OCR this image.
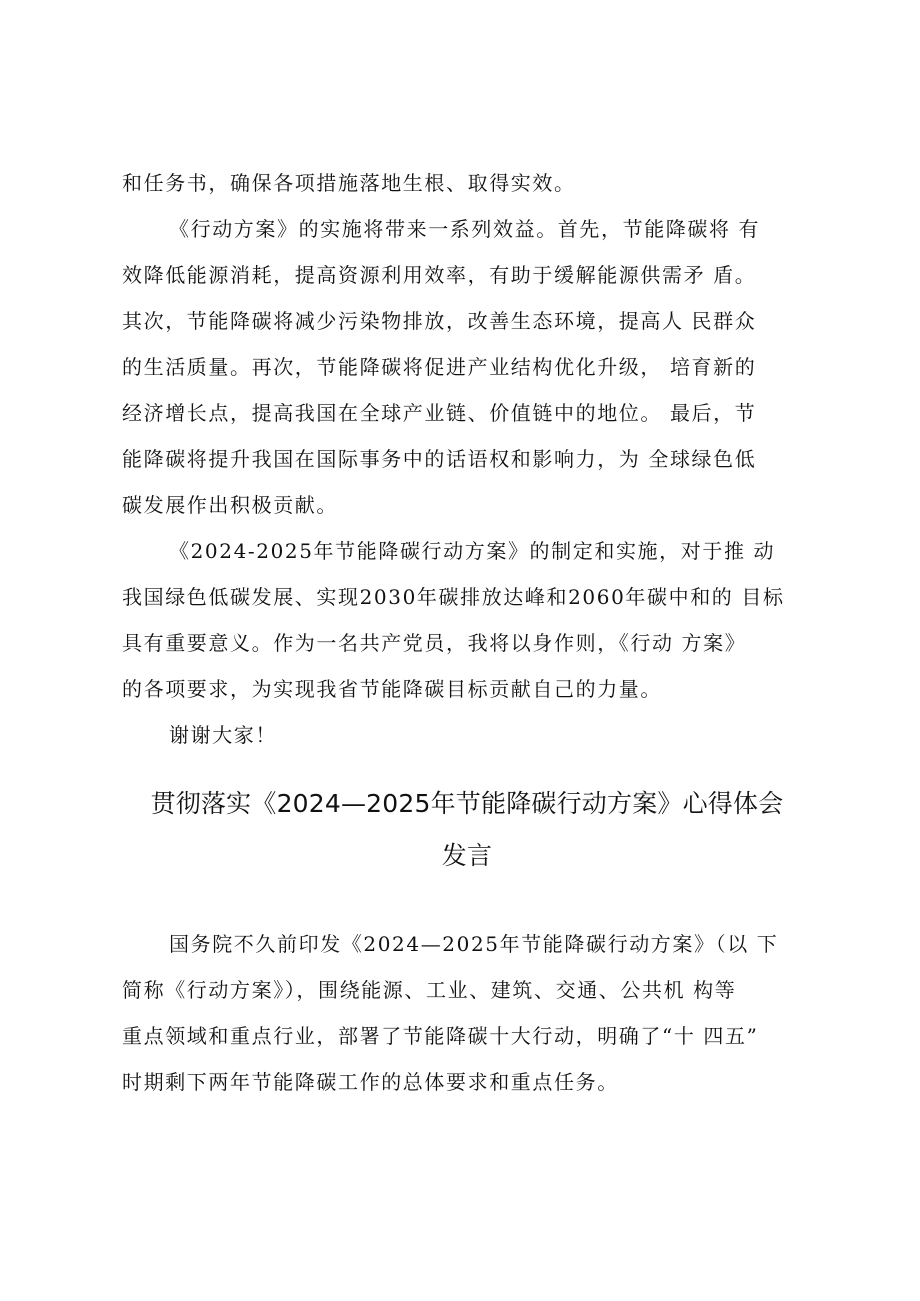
和任务书，确保各项措施落地生根、取得实效。

《行动方案》的实施将带来一系列效益。首先，节能降碳将 有

效降低能源消耗，提高资源利用效率，有助于缓解能源供需矛 盾。

其次，节能降碳将减少污染物排放，改善生态环境，提高人 民群众

的生活质量。再次，节能降碳将促进产业结构优化升级， 培育新的

经济增长点，提高我国在全球产业链、价值链中的地位。 最后，节

能降碳将提升我国在国际事务中的话语权和影响力，为 全球绿色低

碳发展作出积极贡献。

《2024-2025年节能降碳行动方案》的制定和实施，对于推 动

我国绿色低碳发展、实现2030年碳排放达峰和2060年碳中和的 目标

具有重要意义。作为一名共产党员，我将以身作则，《行动 方案》

的各项要求，为实现我省节能降碳目标贡献自己的力量。

谢谢大家！

贯彻落实《2024—2025年节能降碳行动方案》心得体会
发言

国务院不久前印发《2024—2025年节能降碳行动方案》（以 下

简称《行动方案》），围绕能源、工业、建筑、交通、公共机 构等

重点领域和重点行业，部署了节能降碳十大行动，明确了“十 四五”

时期剩下两年节能降碳工作的总体要求和重点任务。
